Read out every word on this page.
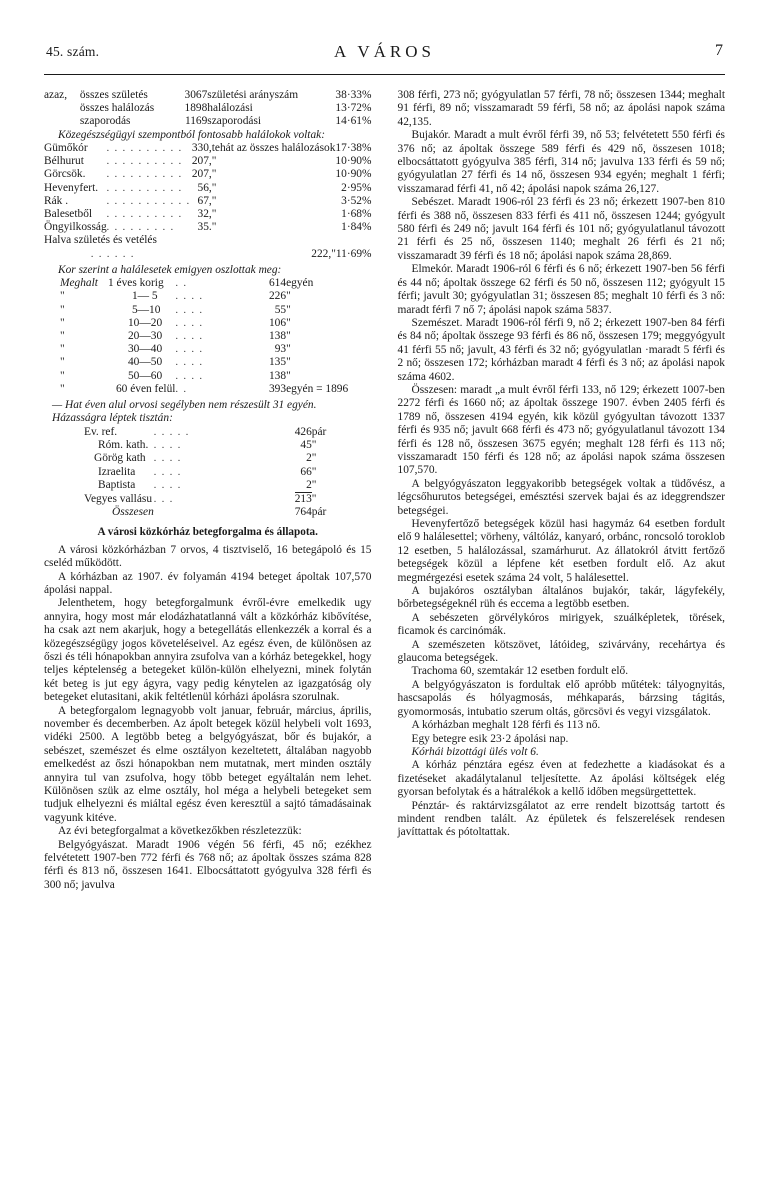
45. szám.	A VÁROS	7
azaz,	összes születés	3067	születési arányszám	38·33%
	összes halálozás	1898	halálozási	13·72%
	szaporodás	1169	szaporodási	14·61%

Közegészségügyi szempontból fontosabb halálokok voltak:

Gümőkór	. . . . . . . . . .	330,	tehát az összes halálozások	17·38%
Bélhurut	. . . . . . . . . .	207,	"	10·90%
Görcsök.	. . . . . . . . . .	207,	"	10·90%
Hevenyfert.	. . . . . . . . . .	56,	"	2·95%
Rák .	. . . . . . . . . . .	67,	"	3·52%
Balesetből	. . . . . . . . . .	32,	"	1·68%
Öngyilkosság	. . . . . . . . .	35.	"	1·84%
Halva születés és vetélés

. . . . . .	222,	"	11·69%

Kor szerint a halálesetek emigyen oszlottak meg:

Meghalt	1 éves korig	. .	614	egyén
"	1— 5	. . . .	226	"
"	5—10	. . . .	55	"
"	10—20	. . . .	106	"
"	20—30	. . . .	138	"
"	30—40	. . . .	93	"
"	40—50	. . . .	135	"
"	50—60	. . . .	138	"
"	60 éven felül	. .	393	egyén = 1896

— Hat éven alul orvosi segélyben nem részesült 31 egyén.

Házasságra léptek tisztán:

Ev. ref.	. . . . .	426	pár
Róm. kath.	. . . .	45	"
Görög kath	. . . .	2	"
Izraelita	. . . .	66	"
Baptista	. . . .	2	"
Vegyes vallásu	. . .	213	"
Összesen		764	pár
A városi közkórház betegforgalma és állapota.

A városi közkórházban 7 orvos, 4 tisztviselő, 16 betegápoló és 15 cseléd működött.

A kórházban az 1907. év folyamán 4194 beteget ápoltak 107,570 ápolási nappal.

Jelenthetem, hogy betegforgalmunk évről-évre emelkedik ugy annyira, hogy most már elodázhatatlanná vált a közkórház kibővítése, ha csak azt nem akarjuk, hogy a betegellátás ellenkezzék a korral és a közegészségügy jogos követeléseivel. Az egész éven, de különösen az őszi és téli hónapokban annyira zsufolva van a kórház betegekkel, hogy teljes képtelenség a betegeket külön-külön elhelyezni, minek folytán két beteg is jut egy ágyra, vagy pedig kénytelen az igazgatóság oly betegeket elutasitani, akik feltétlenül kórházi ápolásra szorulnak.

A betegforgalom legnagyobb volt januar, február, március, április, november és decemberben. Az ápolt betegek közül helybeli volt 1693, vidéki 2500. A legtöbb beteg a belgyógyászat, bőr és bujakór, a sebészet, szemészet és elme osztályon kezeltetett, általában nagyobb emelkedést az őszi hónapokban nem mutatnak, mert minden osztály annyira tul van zsufolva, hogy több beteget egyáltalán nem lehet. Különösen szük az elme osztály, hol méga a helybeli betegeket sem tudjuk elhelyezni és miáltal egész éven keresztül a sajtó támadásainak vagyunk kitéve.

Az évi betegforgalmat a következőkben részletezzük:

Belgyógyászat. Maradt 1906 végén 56 férfi, 45 nő; ezékhez felvétetett 1907-ben 772 férfi és 768 nő; az ápoltak összes száma 828 férfi és 813 nő, összesen 1641. Elbocsáttatott gyógyulva 328 férfi és 300 nő; javulva

308 férfi, 273 nő; gyógyulatlan 57 férfi, 78 nő; összesen 1344; meghalt 91 férfi, 89 nő; visszamaradt 59 férfi, 58 nő; az ápolási napok száma 42,135.

Bujakór. Maradt a mult évről férfi 39, nő 53; felvétetett 550 férfi és 376 nő; az ápoltak összege 589 férfi és 429 nő, összesen 1018; elbocsáttatott gyógyulva 385 férfi, 314 nő; javulva 133 férfi és 59 nő; gyógyulatlan 27 férfi és 14 nő, összesen 934 egyén; meghalt 1 férfi; visszamarad férfi 41, nő 42; ápolási napok száma 26,127.

Sebészet. Maradt 1906-ról 23 férfi és 23 nő; érkezett 1907-ben 810 férfi és 388 nő, összesen 833 férfi és 411 nő, összesen 1244; gyógyult 580 férfi és 249 nő; javult 164 férfi és 101 nő; gyógyulatlanul távozott 21 férfi és 25 nő, összesen 1140; meghalt 26 férfi és 21 nő; visszamaradt 39 férfi és 18 nő; ápolási napok száma 28,869.

Elmekór. Maradt 1906-ról 6 férfi és 6 nő; érkezett 1907-ben 56 férfi és 44 nő; ápoltak összege 62 férfi és 50 nő, összesen 112; gyógyult 15 férfi; javult 30; gyógyulatlan 31; összesen 85; meghalt 10 férfi és 3 nő: maradt férfi 7 nő 7; ápolási napok száma 5837.

Szemészet. Maradt 1906-ról férfi 9, nő 2; érkezett 1907-ben 84 férfi és 84 nő; ápoltak összege 93 férfi és 86 nő, összesen 179; meggyógyult 41 férfi 55 nő; javult, 43 férfi és 32 nő; gyógyulatlan ·maradt 5 férfi és 2 nő; összesen 172; kórházban maradt 4 férfi és 3 nő; az ápolási napok száma 4602.

Összesen: maradt „a mult évről férfi 133, nő 129; érkezett 1007-ben 2272 férfi és 1660 nő; az ápoltak összege 1907. évben 2405 férfi és 1789 nő, összesen 4194 egyén, kik közül gyógyultan távozott 1337 férfi és 935 nő; javult 668 férfi és 473 nő; gyógyulatlanul távozott 134 férfi és 128 nő, összesen 3675 egyén; meghalt 128 férfi és 113 nő; visszamaradt 150 férfi és 128 nő; az ápolási napok száma összesen 107,570.

A belgyógyászaton leggyakoribb betegségek voltak a tüdővész, a légcsőhurutos betegségei, emésztési szervek bajai és az ideggrendszer betegségei.

Hevenyfertőző betegségek közül hasi hagymáz 64 esetben fordult elő 9 halálesettel; vörheny, váltóláz, kanyaró, orbánc, roncsoló toroklob 12 esetben, 5 halálozással, szamárhurut. Az állatokról átvitt fertőző betegségek közül a lépfene két esetben fordult elő. Az akut megmérgezési esetek száma 24 volt, 5 halálesettel.

A bujakóros osztályban általános bujakór, takár, lágyfekély, bőrbetegségeknél rüh és eccema a legtöbb esetben.

A sebészeten görvélykóros mirigyek, szuálképletek, törések, ficamok és carcinómák.

A szemészeten kötszövet, látóideg, szivárvány, recehártya és glaucoma betegségek.

Trachoma 60, szemtakár 12 esetben fordult elő.

A belgyógyászaton is fordultak elő apróbb műtétek: tályognyitás, hascsapolás és hólyagmosás, méhkaparás, bárzsing tágitás, gyomormosás, intubatio szerum oltás, görcsövi és vegyi vizsgálatok.

A kórházban meghalt 128 férfi és 113 nő.

Egy betegre esik 23·2 ápolási nap.

Kórhái bizottági ülés volt 6.

A kórház pénztára egész éven at fedezhette a kiadásokat és a fizetéseket akadálytalanul teljesítette. Az ápolási költségek elég gyorsan befolytak és a hátralékok a kellő időben megsürgettettek.

Pénztár- és raktárvizsgálatot az erre rendelt bizottság tartott és mindent rendben talált. Az épületek és felszerelések rendesen javíttattak és pótoltattak.
